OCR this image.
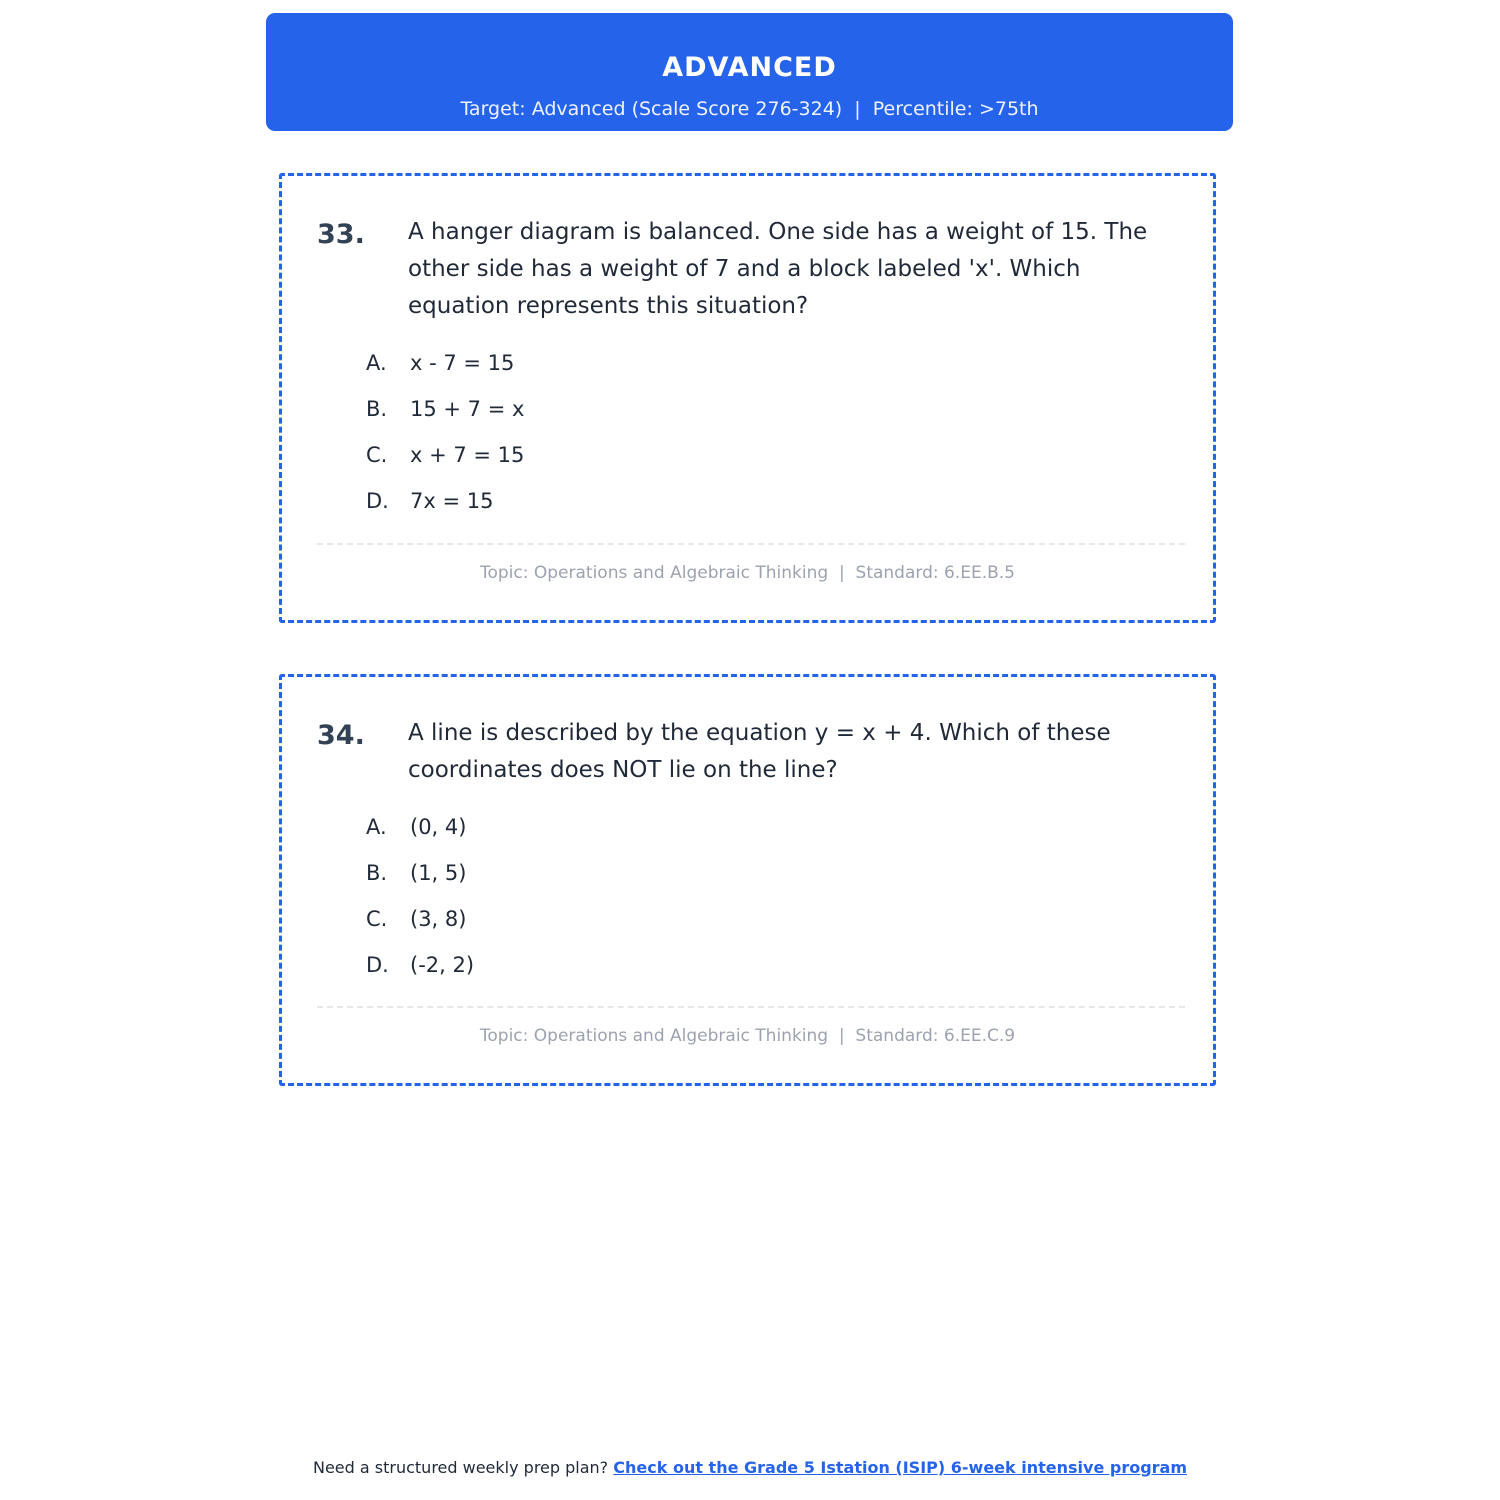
ADVANCED
Target: Advanced (Scale Score 276-324)  |  Percentile: >75th
33. A hanger diagram is balanced. One side has a weight of 15. The other side has a weight of 7 and a block labeled 'x'. Which equation represents this situation?
A. x - 7 = 15
B. 15 + 7 = x
C. x + 7 = 15
D. 7x = 15
Topic: Operations and Algebraic Thinking  |  Standard: 6.EE.B.5
34. A line is described by the equation y = x + 4. Which of these coordinates does NOT lie on the line?
A. (0, 4)
B. (1, 5)
C. (3, 8)
D. (-2, 2)
Topic: Operations and Algebraic Thinking  |  Standard: 6.EE.C.9
Need a structured weekly prep plan? Check out the Grade 5 Istation (ISIP) 6-week intensive program
